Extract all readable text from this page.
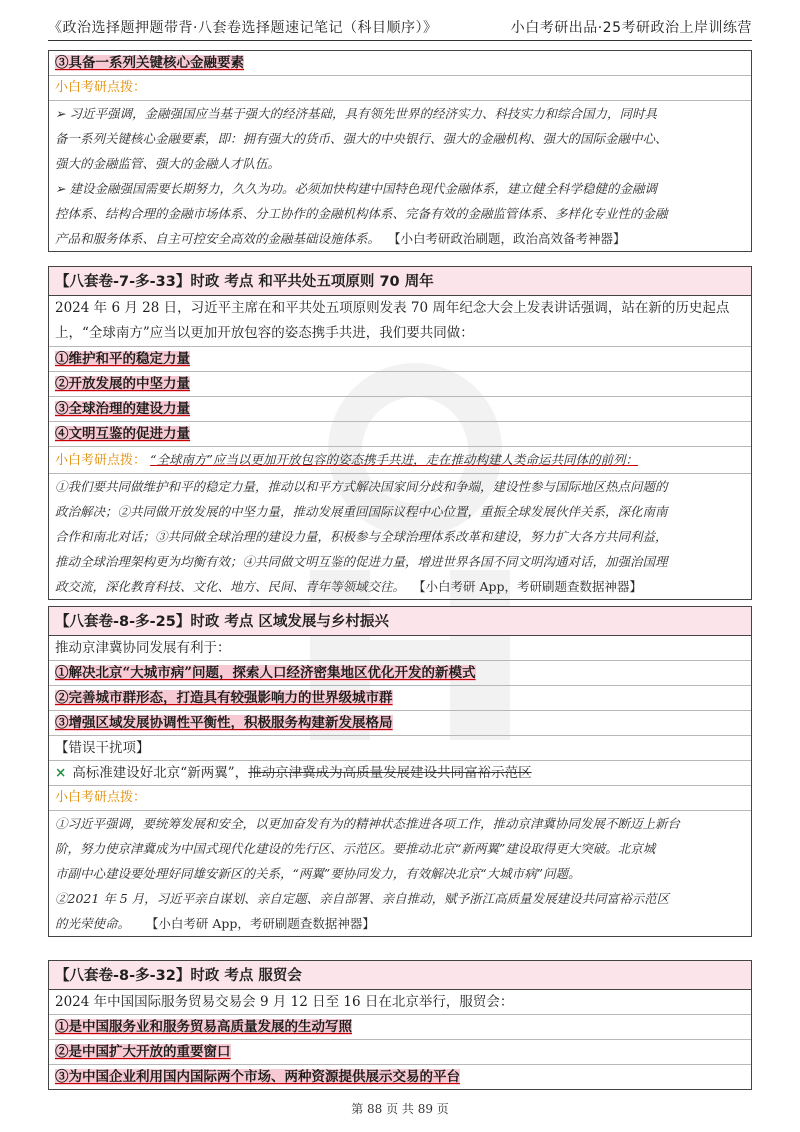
《政治选择题押题带背·八套卷选择题速记笔记（科目顺序）》	小白考研出品·25考研政治上岸训练营
③具备一系列关键核心金融要素
小白考研点拨：
➢ 习近平强调，金融强国应当基于强大的经济基础，具有领先世界的经济实力、科技实力和综合国力，同时具
备一系列关键核心金融要素，即：拥有强大的货币、强大的中央银行、强大的金融机构、强大的国际金融中心、
强大的金融监管、强大的金融人才队伍。
➢ 建设金融强国需要长期努力，久久为功。必须加快构建中国特色现代金融体系，建立健全科学稳健的金融调
控体系、结构合理的金融市场体系、分工协作的金融机构体系、完备有效的金融监管体系、多样化专业性的金融
产品和服务体系、自主可控安全高效的金融基础设施体系。 【小白考研政治刷题，政治高效备考神器】
【八套卷-7-多-33】时政 考点 和平共处五项原则 70 周年
2024 年 6 月 28 日，习近平主席在和平共处五项原则发表 70 周年纪念大会上发表讲话强调，站在新的历史起点
上，“全球南方”应当以更加开放包容的姿态携手共进，我们要共同做：
①维护和平的稳定力量
②开放发展的中坚力量
③全球治理的建设力量
④文明互鉴的促进力量
小白考研点拨： “全球南方”应当以更加开放包容的姿态携手共进，走在推动构建人类命运共同体的前列：
①我们要共同做维护和平的稳定力量，推动以和平方式解决国家间分歧和争端，建设性参与国际地区热点问题的
政治解决；②共同做开放发展的中坚力量，推动发展重回国际议程中心位置，重振全球发展伙伴关系，深化南南
合作和南北对话；③共同做全球治理的建设力量，积极参与全球治理体系改革和建设，努力扩大各方共同利益，
推动全球治理架构更为均衡有效；④共同做文明互鉴的促进力量，增进世界各国不同文明沟通对话，加强治国理
政交流，深化教育科技、文化、地方、民间、青年等领域交往。 【小白考研 App，考研刷题查数据神器】
【八套卷-8-多-25】时政 考点 区域发展与乡村振兴
推动京津冀协同发展有利于：
①解决北京“大城市病”问题，探索人口经济密集地区优化开发的新模式
②完善城市群形态，打造具有较强影响力的世界级城市群
③增强区域发展协调性平衡性，积极服务构建新发展格局
【错误干扰项】
× 高标准建设好北京“新两翼”，推动京津冀成为高质量发展建设共同富裕示范区
小白考研点拨：
①习近平强调，要统筹发展和安全，以更加奋发有为的精神状态推进各项工作，推动京津冀协同发展不断迈上新台
阶，努力使京津冀成为中国式现代化建设的先行区、示范区。要推动北京“新两翼”建设取得更大突破。北京城
市副中心建设要处理好同雄安新区的关系，“两翼”要协同发力，有效解决北京“大城市病”问题。
②2021 年 5 月，习近平亲自谋划、亲自定题、亲自部署、亲自推动，赋予浙江高质量发展建设共同富裕示范区
的光荣使命。 【小白考研 App，考研刷题查数据神器】
【八套卷-8-多-32】时政 考点 服贸会
2024 年中国国际服务贸易交易会 9 月 12 日至 16 日在北京举行，服贸会：
①是中国服务业和服务贸易高质量发展的生动写照
②是中国扩大开放的重要窗口
③为中国企业利用国内国际两个市场、两种资源提供展示交易的平台
第 88 页 共 89 页
